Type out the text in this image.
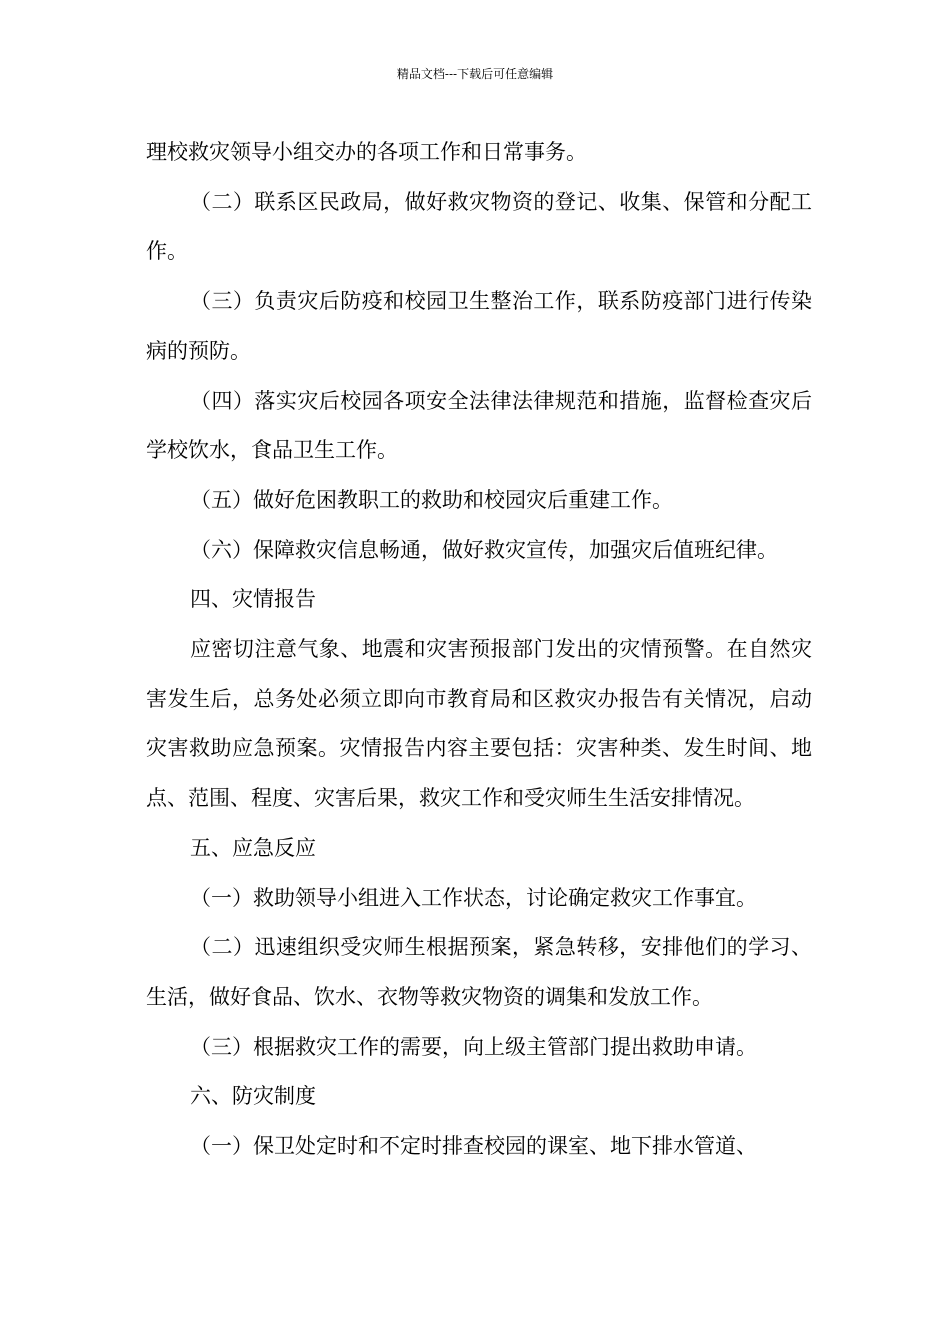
精品文档---下载后可任意编辑

理校救灾领导小组交办的各项工作和日常事务。

（二）联系区民政局，做好救灾物资的登记、收集、保管和分配工作。

（三）负责灾后防疫和校园卫生整治工作，联系防疫部门进行传染病的预防。

（四）落实灾后校园各项安全法律法律规范和措施，监督检查灾后学校饮水，食品卫生工作。

（五）做好危困教职工的救助和校园灾后重建工作。

（六）保障救灾信息畅通，做好救灾宣传，加强灾后值班纪律。

四、灾情报告

应密切注意气象、地震和灾害预报部门发出的灾情预警。在自然灾害发生后，总务处必须立即向市教育局和区救灾办报告有关情况，启动灾害救助应急预案。灾情报告内容主要包括：灾害种类、发生时间、地点、范围、程度、灾害后果，救灾工作和受灾师生生活安排情况。

五、应急反应

（一）救助领导小组进入工作状态，讨论确定救灾工作事宜。

（二）迅速组织受灾师生根据预案，紧急转移，安排他们的学习、生活，做好食品、饮水、衣物等救灾物资的调集和发放工作。

（三）根据救灾工作的需要，向上级主管部门提出救助申请。

六、防灾制度

（一）保卫处定时和不定时排查校园的课室、地下排水管道、
